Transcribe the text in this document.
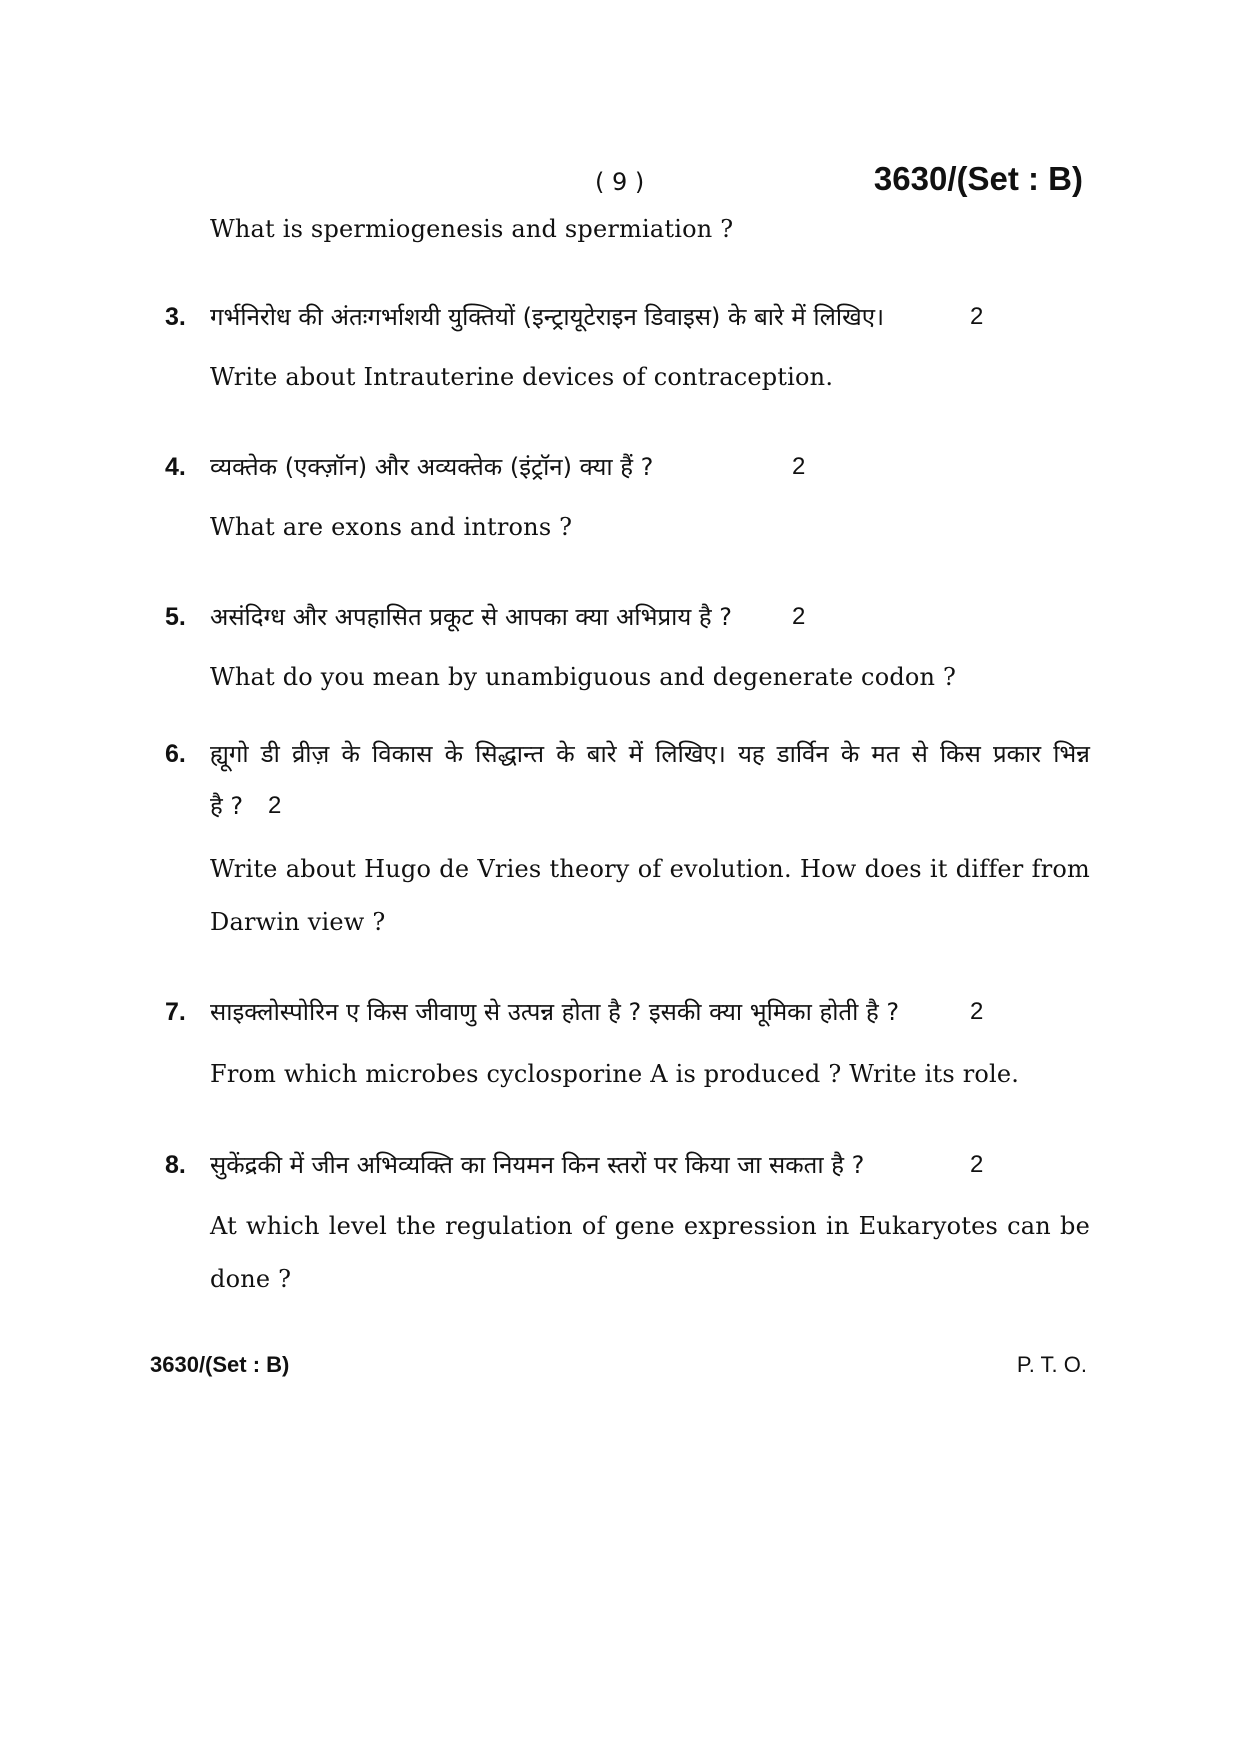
( 9 )	3630/(Set : B)
What is spermiogenesis and spermiation ?
3. गर्भनिरोध की अंतःगर्भाशयी युक्तियों (इन्ट्रायूटेराइन डिवाइस) के बारे में लिखिए।	2
Write about Intrauterine devices of contraception.
4. व्यक्तेक (एक्ज़ॉन) और अव्यक्तेक (इंट्रॉन) क्या हैं ?	2
What are exons and introns ?
5. असंदिग्ध और अपहासित प्रकूट से आपका क्या अभिप्राय है ?	2
What do you mean by unambiguous and degenerate codon ?
6. ह्यूगो डी व्रीज़ के विकास के सिद्धान्त के बारे में लिखिए। यह डार्विन के मत से किस प्रकार भिन्न
है ? 2
Write about Hugo de Vries theory of evolution. How does it differ from
Darwin view ?
7. साइक्लोस्पोरिन ए किस जीवाणु से उत्पन्न होता है ? इसकी क्या भूमिका होती है ?	2
From which microbes cyclosporine A is produced ? Write its role.
8. सुकेंद्रकी में जीन अभिव्यक्ति का नियमन किन स्तरों पर किया जा सकता है ?	2
At which level the regulation of gene expression in Eukaryotes can be
done ?
3630/(Set : B)	P. T. O.
